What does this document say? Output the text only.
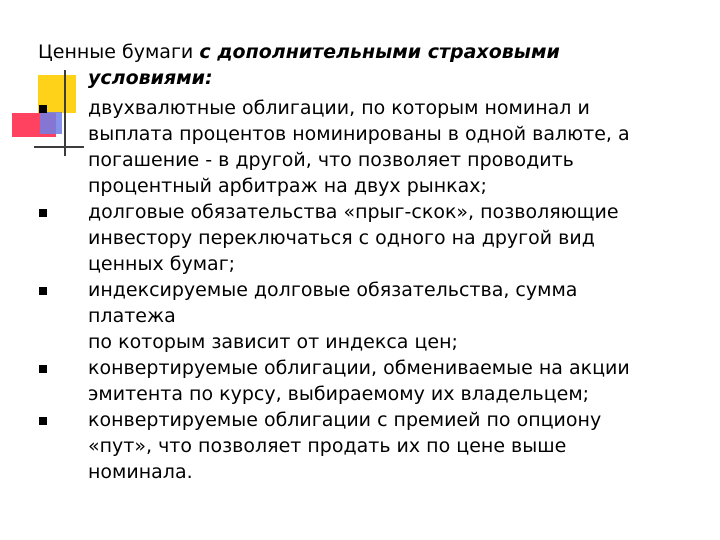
Ценные бумаги с дополнительными страховыми
условиями:
двухвалютные облигации, по которым номинал и
выплата процентов номинированы в одной валюте, а
погашение - в другой, что позволяет проводить
процентный арбитраж на двух рынках;
долговые обязательства «прыг-скок», позволяющие
инвестору переключаться с одного на другой вид
ценных бумаг;
индексируемые долговые обязательства, сумма платежа
по которым зависит от индекса цен;
конвертируемые облигации, обмениваемые на акции
эмитента по курсу, выбираемому их владельцем;
конвертируемые облигации с премией по опциону
«пут», что позволяет продать их по цене выше
номинала.
